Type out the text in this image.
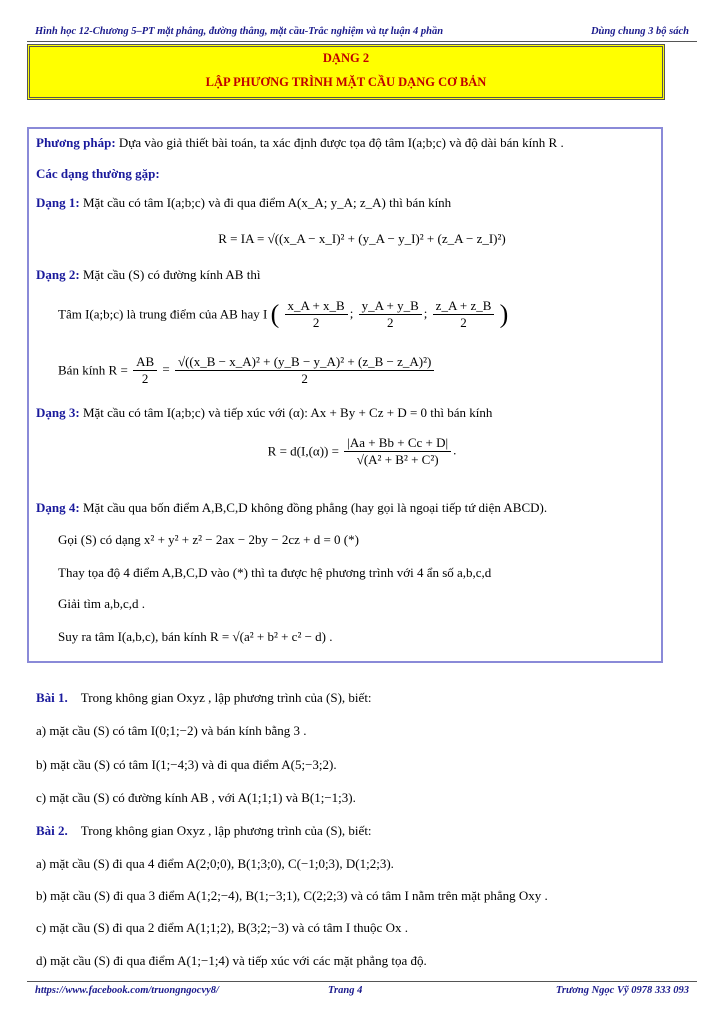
Hình học 12-Chương 5–PT mặt phẳng, đường thẳng, mặt cầu-Trắc nghiệm và tự luận 4 phần	Dùng chung 3 bộ sách
DẠNG 2
LẬP PHƯƠNG TRÌNH MẶT CẦU DẠNG CƠ BẢN
Phương pháp: Dựa vào giả thiết bài toán, ta xác định được tọa độ tâm I(a;b;c) và độ dài bán kính R .
Các dạng thường gặp:
Dạng 1: Mặt cầu có tâm I(a;b;c) và đi qua điểm A(x_A; y_A; z_A) thì bán kính
R = IA = √((x_A − x_I)² + (y_A − y_I)² + (z_A − z_I)²)
Dạng 2: Mặt cầu (S) có đường kính AB thì
Tâm I(a;b;c) là trung điểm của AB hay I ( $\frac{x\_A + x\_B}{2}$ ; $\frac{y\_A + y\_B}{2}$ ; $\frac{z\_A + z\_B}{2}$ )
Bán kính $R = \frac{AB}{2} = \frac{\text{√((x\_B − x\_A)² + (y\_B − y\_A)² + (z\_B − z\_A)²)}}{2}$
Dạng 3: Mặt cầu có tâm I(a;b;c) và tiếp xúc với (α): Ax + By + Cz + D = 0 thì bán kính
$R = d(I,(\alpha)) = \frac{|Aa + Bb + Cc + D|}{\text{√(A² + B² + C²)}}$ .
Dạng 4: Mặt cầu qua bốn điểm A,B,C,D không đồng phẳng (hay gọi là ngoại tiếp tứ diện ABCD).
Gọi (S) có dạng x² + y² + z² − 2ax − 2by − 2cz + d = 0 (*)
Thay tọa độ 4 điểm A,B,C,D vào (*) thì ta được hệ phương trình với 4 ẩn số a,b,c,d
Giải tìm a,b,c,d .
Suy ra tâm I(a,b,c), bán kính R = √(a² + b² + c² − d) .
Bài 1. Trong không gian Oxyz , lập phương trình của (S), biết:
a) mặt cầu (S) có tâm I(0;1;−2) và bán kính bằng 3 .
b) mặt cầu (S) có tâm I(1;−4;3) và đi qua điểm A(5;−3;2).
c) mặt cầu (S) có đường kính AB , với A(1;1;1) và B(1;−1;3).
Bài 2. Trong không gian Oxyz , lập phương trình của (S), biết:
a) mặt cầu (S) đi qua 4 điểm A(2;0;0), B(1;3;0), C(−1;0;3), D(1;2;3).
b) mặt cầu (S) đi qua 3 điểm A(1;2;−4), B(1;−3;1), C(2;2;3) và có tâm I nằm trên mặt phẳng Oxy .
c) mặt cầu (S) đi qua 2 điểm A(1;1;2), B(3;2;−3) và có tâm I thuộc Ox .
d) mặt cầu (S) đi qua điểm A(1;−1;4) và tiếp xúc với các mặt phẳng tọa độ.
https://www.facebook.com/truongngocvy8/	Trang 4	Trương Ngọc Vỹ 0978 333 093
